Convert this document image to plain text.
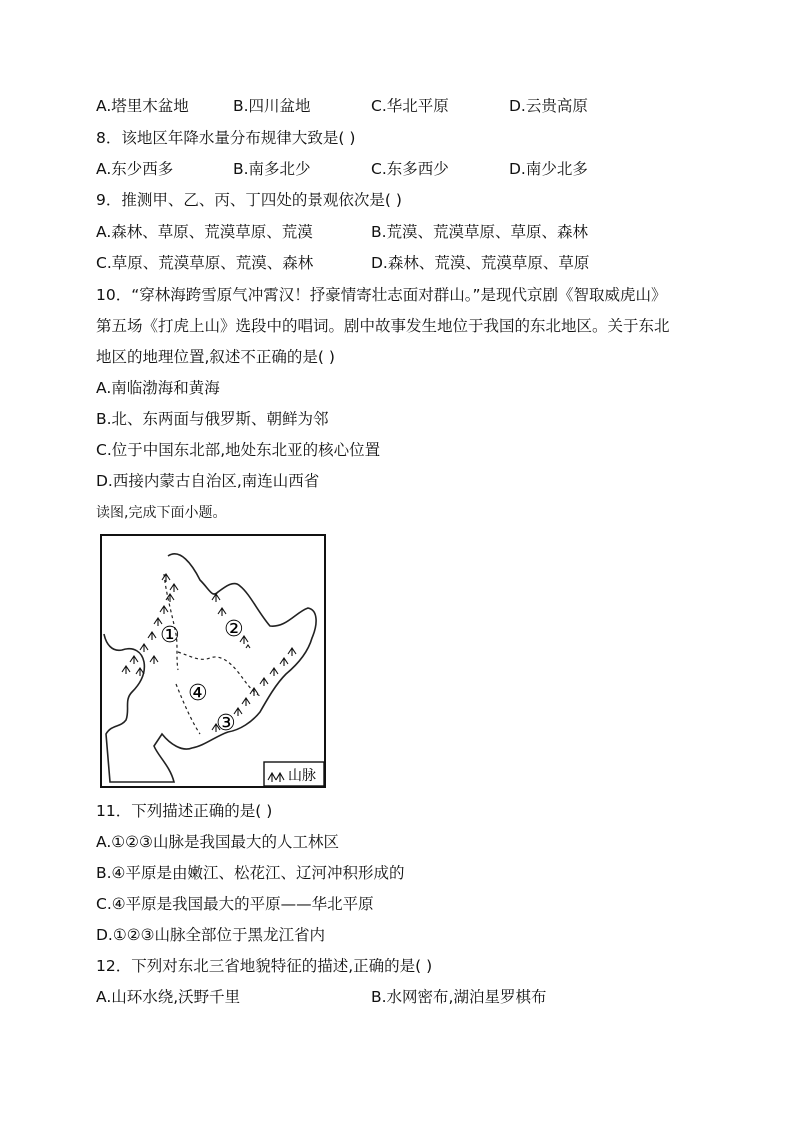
A.塔里木盆地	B.四川盆地	C.华北平原	D.云贵高原
8．该地区年降水量分布规律大致是( )
A.东少西多	B.南多北少	C.东多西少	D.南少北多
9．推测甲、乙、丙、丁四处的景观依次是( )
A.森林、草原、荒漠草原、荒漠	B.荒漠、荒漠草原、草原、森林
C.草原、荒漠草原、荒漠、森林	D.森林、荒漠、荒漠草原、草原
10．“穿林海跨雪原气冲霄汉！抒豪情寄壮志面对群山。”是现代京剧《智取威虎山》
第五场《打虎上山》选段中的唱词。剧中故事发生地位于我国的东北地区。关于东北
地区的地理位置,叙述不正确的是( )
A.南临渤海和黄海
B.北、东两面与俄罗斯、朝鲜为邻
C.位于中国东北部,地处东北亚的核心位置
D.西接内蒙古自治区,南连山西省
读图,完成下面小题。
① ②
③
④
山脉
11．下列描述正确的是( )
A.①②③山脉是我国最大的人工林区
B.④平原是由嫩江、松花江、辽河冲积形成的
C.④平原是我国最大的平原——华北平原
D.①②③山脉全部位于黑龙江省内
12．下列对东北三省地貌特征的描述,正确的是( )
A.山环水绕,沃野千里	B.水网密布,湖泊星罗棋布
